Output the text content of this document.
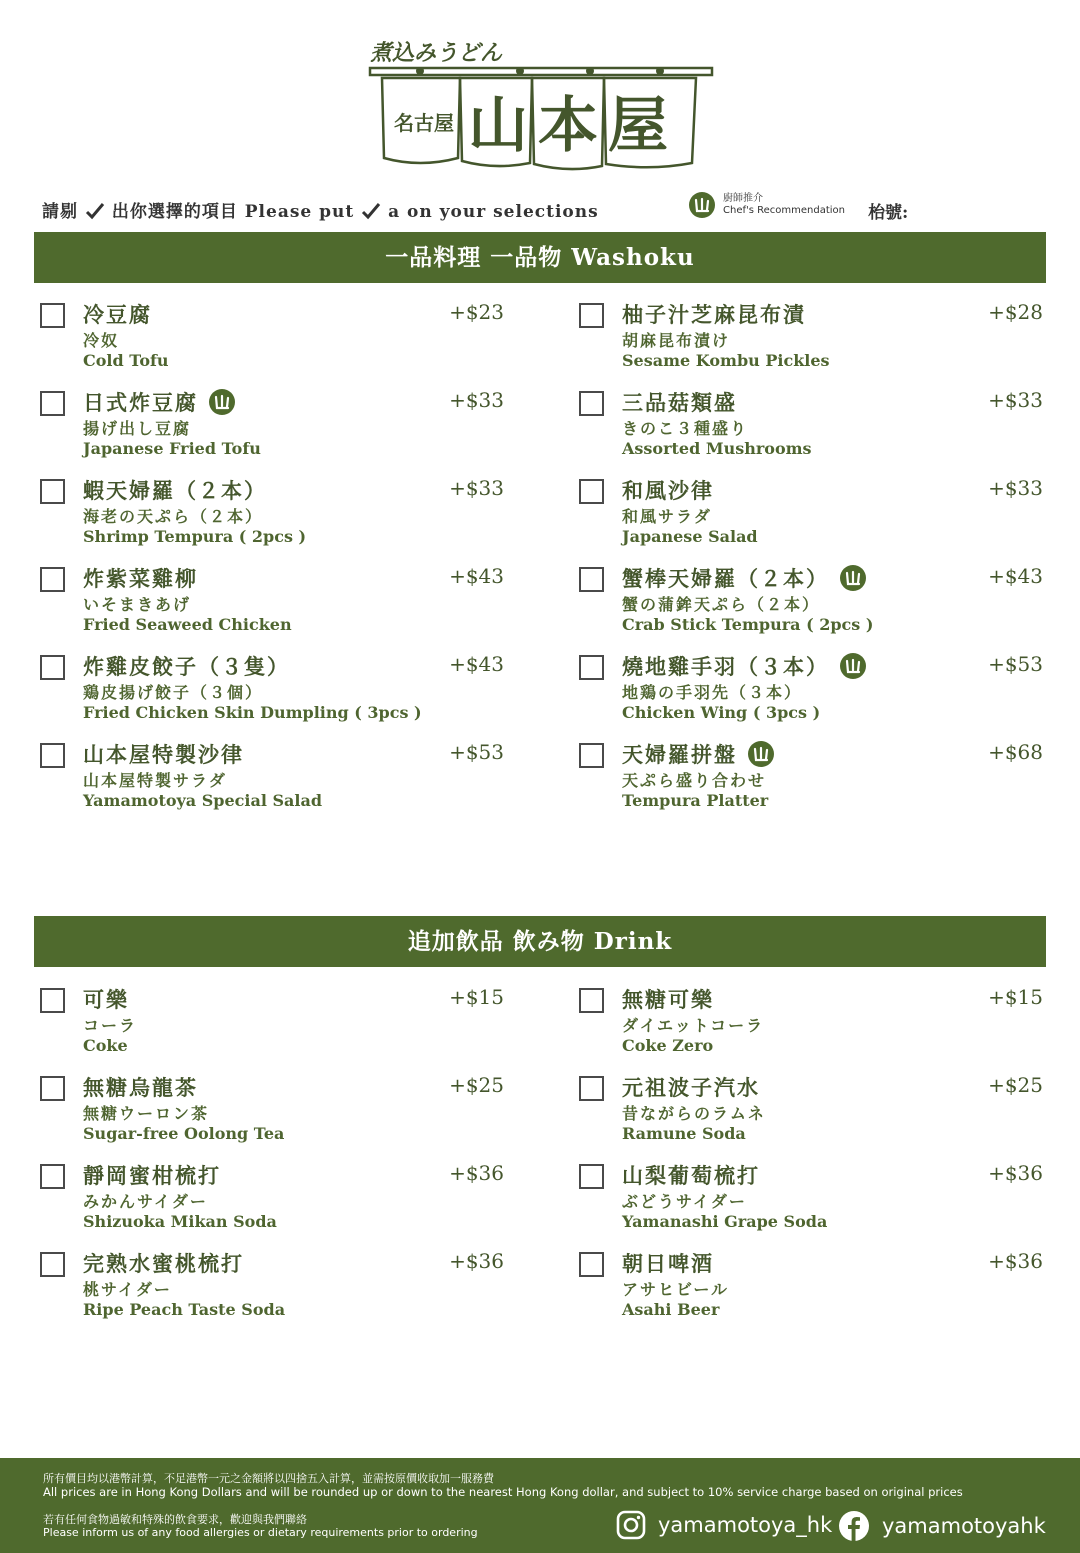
煮込みうどん
名古屋 山本屋
請剔 出你選擇的項目 Please put a on your selections
廚師推介
Chef's Recommendation 枱號:
一品料理 一品物 Washoku
冷豆腐
冷奴
Cold Tofu
+$23	柚子汁芝麻昆布漬
胡麻昆布漬け
Sesame Kombu Pickles
+$28
日式炸豆腐
揚げ出し豆腐
Japanese Fried Tofu
+$33	三品菇類盛
きのこ３種盛り
Assorted Mushrooms
+$33
蝦天婦羅（２本）
海老の天ぷら（２本）
Shrimp Tempura ( 2pcs )
+$33	和風沙律
和風サラダ
Japanese Salad
+$33
炸紫菜雞柳
いそまきあげ
Fried Seaweed Chicken
+$43	蟹棒天婦羅（２本）
蟹の蒲鉾天ぷら（２本）
Crab Stick Tempura ( 2pcs )
+$43
炸雞皮餃子（３隻）
鶏皮揚げ餃子（３個）
Fried Chicken Skin Dumpling ( 3pcs )
+$43	燒地雞手羽（３本）
地鶏の手羽先（３本）
Chicken Wing ( 3pcs )
+$53
山本屋特製沙律
山本屋特製サラダ
Yamamotoya Special Salad
+$53	天婦羅拼盤
天ぷら盛り合わせ
Tempura Platter
+$68
追加飲品 飲み物 Drink
可樂
コーラ
Coke
+$15	無糖可樂
ダイエットコーラ
Coke Zero
+$15
無糖烏龍茶
無糖ウーロン茶
Sugar-free Oolong Tea
+$25	元祖波子汽水
昔ながらのラムネ
Ramune Soda
+$25
靜岡蜜柑梳打
みかんサイダー
Shizuoka Mikan Soda
+$36	山梨葡萄梳打
ぶどうサイダー
Yamanashi Grape Soda
+$36
完熟水蜜桃梳打
桃サイダー
Ripe Peach Taste Soda
+$36	朝日啤酒
アサヒビール
Asahi Beer
+$36
所有價目均以港幣計算，不足港幣一元之金額將以四捨五入計算，並需按原價收取加一服務費
All prices are in Hong Kong Dollars and will be rounded up or down to the nearest Hong Kong dollar, and subject to 10% service charge based on original prices
若有任何食物過敏和特殊的飲食要求，歡迎與我們聯絡
Please inform us of any food allergies or dietary requirements prior to ordering	yamamotoya_hk yamamotoyahk
